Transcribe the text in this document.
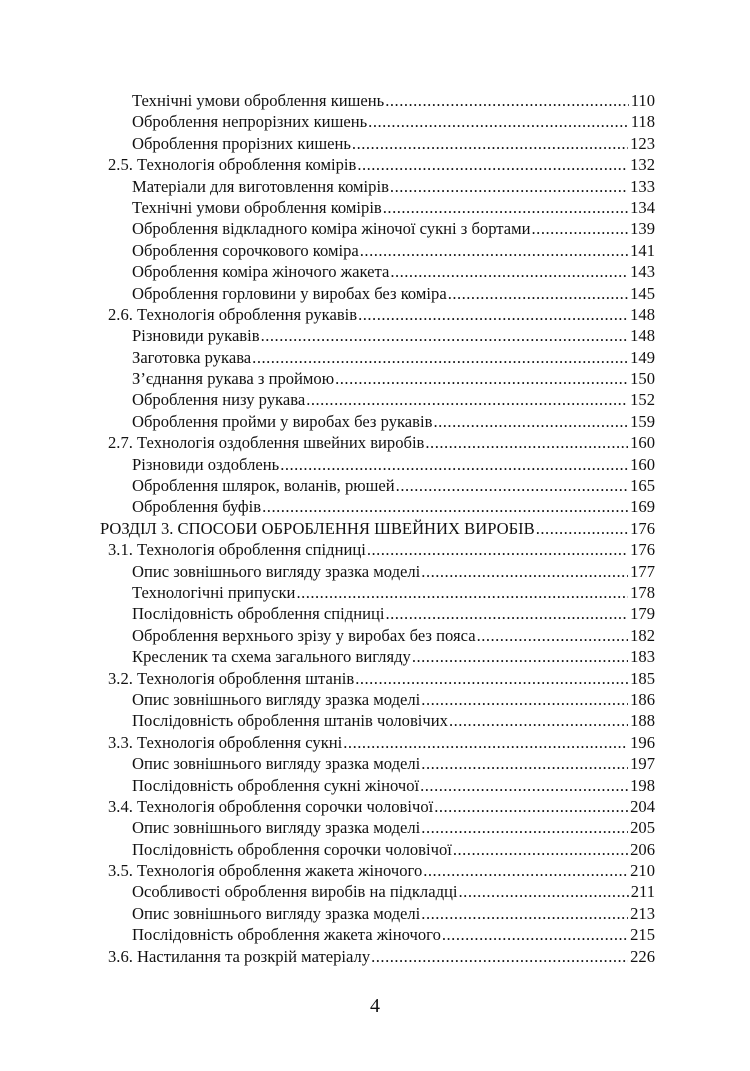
Технічні умови оброблення кишень .....	110
Оброблення непрорізних кишень .....	118
Оброблення прорізних кишень .....	123
2.5. Технологія оброблення комірів .....	132
Матеріали для виготовлення комірів .....	133
Технічні умови оброблення комірів .....	134
Оброблення відкладного коміра жіночої сукні з бортами .....	139
Оброблення сорочкового коміра .....	141
Оброблення коміра жіночого жакета .....	143
Оброблення горловини у виробах без коміра .....	145
2.6. Технологія оброблення рукавів .....	148
Різновиди рукавів .....	148
Заготовка рукава .....	149
З’єднання рукава з проймою .....	150
Оброблення низу рукава .....	152
Оброблення пройми у виробах без рукавів .....	159
2.7. Технологія оздоблення швейних виробів .....	160
Різновиди оздоблень .....	160
Оброблення шлярок, воланів, рюшей .....	165
Оброблення буфів .....	169
РОЗДІЛ 3. СПОСОБИ ОБРОБЛЕННЯ ШВЕЙНИХ ВИРОБІВ .....	176
3.1. Технологія оброблення спідниці .....	176
Опис зовнішнього вигляду зразка моделі .....	177
Технологічні припуски .....	178
Послідовність оброблення спідниці .....	179
Оброблення верхнього зрізу у виробах без пояса .....	182
Кресленик та схема загального вигляду .....	183
3.2. Технологія оброблення штанів .....	185
Опис зовнішнього вигляду зразка моделі .....	186
Послідовність оброблення штанів чоловічих .....	188
3.3. Технологія оброблення сукні .....	196
Опис зовнішнього вигляду зразка моделі .....	197
Послідовність оброблення сукні жіночої .....	198
3.4. Технологія оброблення сорочки чоловічої .....	204
Опис зовнішнього вигляду зразка моделі .....	205
Послідовність оброблення сорочки чоловічої .....	206
3.5. Технологія оброблення жакета жіночого .....	210
Особливості оброблення виробів на підкладці .....	211
Опис зовнішнього вигляду зразка моделі .....	213
Послідовність оброблення жакета жіночого .....	215
3.6. Настилання та розкрій матеріалу .....	226
4
